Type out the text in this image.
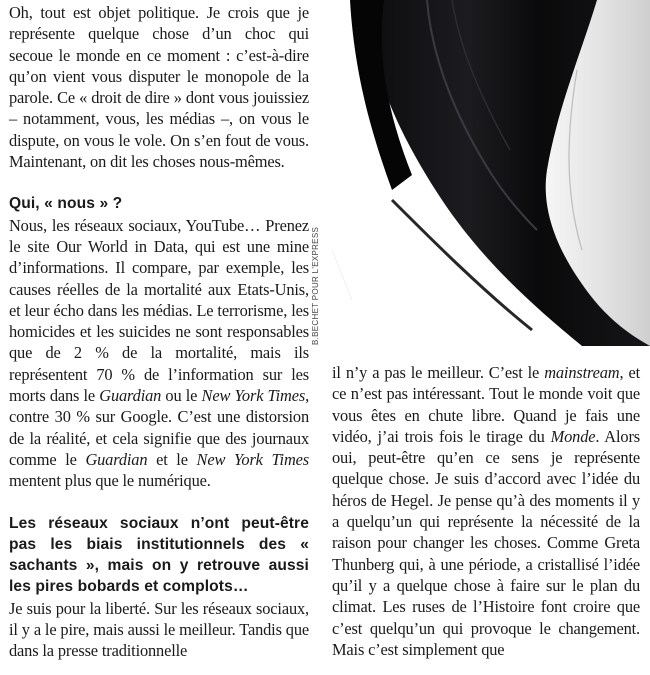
B.BECHET POUR L'EXPRESS

Oh, tout est objet politique. Je crois que je représente quelque chose d’un choc qui secoue le monde en ce moment : c’est-à-dire qu’on vient vous disputer le monopole de la parole. Ce « droit de dire » dont vous jouissiez – notamment, vous, les médias –, on vous le dispute, on vous le vole. On s’en fout de vous. Maintenant, on dit les choses nous-mêmes.

Qui, « nous » ?

Nous, les réseaux sociaux, YouTube… Prenez le site Our World in Data, qui est une mine d’informations. Il compare, par exemple, les causes réelles de la mortalité aux Etats-Unis, et leur écho dans les médias. Le terrorisme, les homicides et les suicides ne sont responsables que de 2 % de la mortalité, mais ils représentent 70 % de l’information sur les morts dans le Guardian ou le New York Times, contre 30 % sur Google. C’est une distorsion de la réalité, et cela signifie que des journaux comme le Guardian et le New York Times mentent plus que le numérique.

Les réseaux sociaux n’ont peut-être pas les biais institutionnels des « sachants », mais on y retrouve aussi les pires bobards et complots…

Je suis pour la liberté. Sur les réseaux sociaux, il y a le pire, mais aussi le meilleur. Tandis que dans la presse traditionnelle

il n’y a pas le meilleur. C’est le mainstream, et ce n’est pas intéressant. Tout le monde voit que vous êtes en chute libre. Quand je fais une vidéo, j’ai trois fois le tirage du Monde. Alors oui, peut-être qu’en ce sens je représente quelque chose. Je suis d’accord avec l’idée du héros de Hegel. Je pense qu’à des moments il y a quelqu’un qui représente la nécessité de la raison pour changer les choses. Comme Greta Thunberg qui, à une période, a cristallisé l’idée qu’il y a quelque chose à faire sur le plan du climat. Les ruses de l’Histoire font croire que c’est quelqu’un qui provoque le changement. Mais c’est simplement que
